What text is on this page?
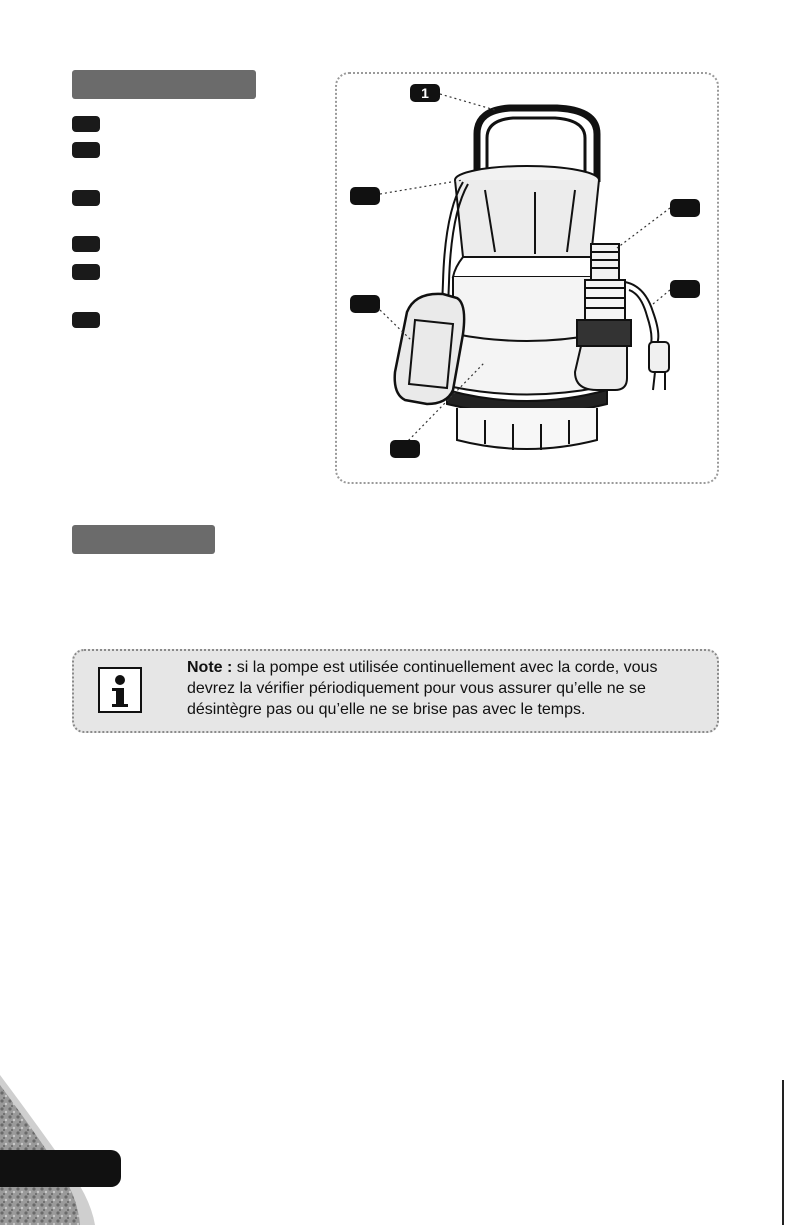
1
Note : si la pompe est utilisée continuellement avec la corde, vous devrez la vérifier périodiquement pour vous assurer qu’elle ne se désintègre pas ou qu’elle ne se brise pas avec le temps.
